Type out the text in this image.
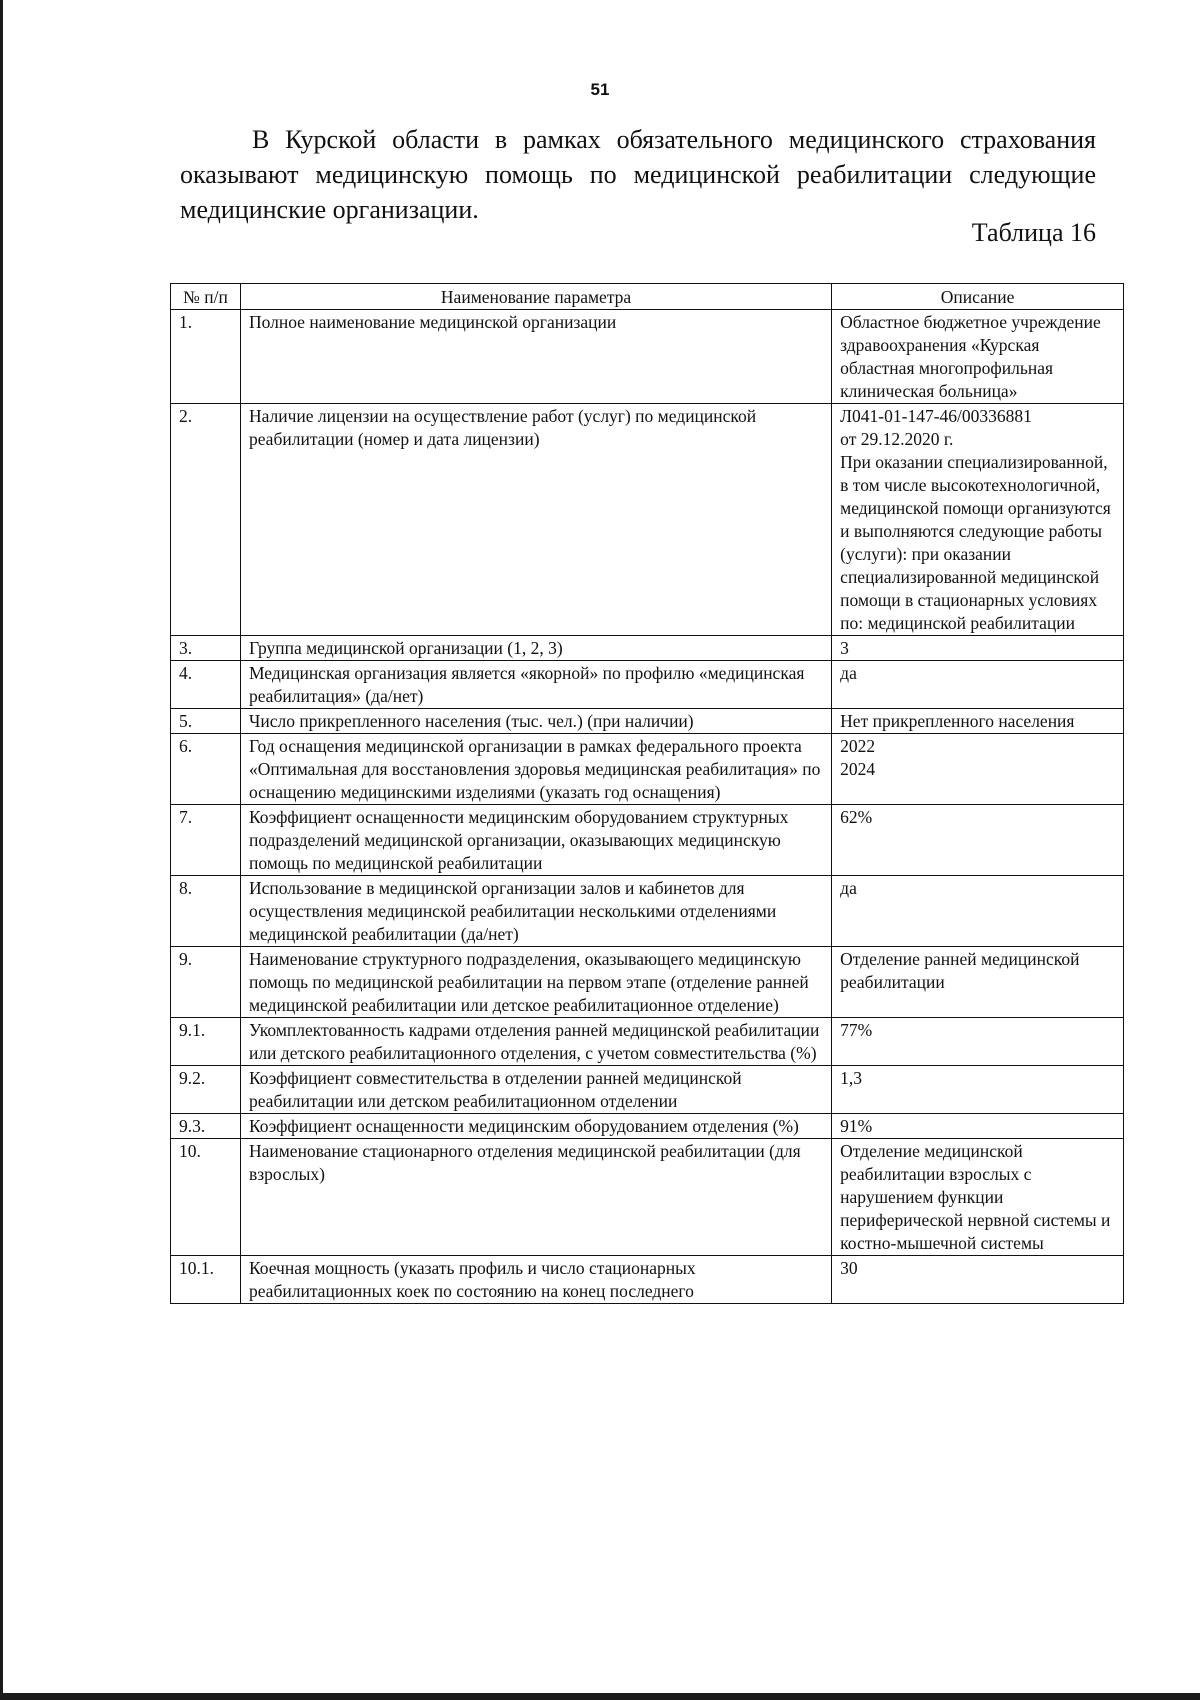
51

В Курской области в рамках обязательного медицинского страхования оказывают медицинскую помощь по медицинской реабилитации следующие медицинские организации.

Таблица 16
№ п/п	Наименование параметра	Описание
1.	Полное наименование медицинской организации	Областное бюджетное учреждение здравоохранения «Курская областная многопрофильная клиническая больница»
2.	Наличие лицензии на осуществление работ (услуг) по медицинской реабилитации (номер и дата лицензии)	Л041-01-147-46/00336881
от 29.12.2020 г.
При оказании специализированной, в том числе высокотехнологичной, медицинской помощи организуются и выполняются следующие работы (услуги): при оказании специализированной медицинской помощи в стационарных условиях по: медицинской реабилитации

3.	Группа медицинской организации (1, 2, 3)	3
4.	Медицинская организация является «якорной» по профилю «медицинская реабилитация» (да/нет)	да
5.	Число прикрепленного населения (тыс. чел.) (при наличии)	Нет прикрепленного населения
6.	Год оснащения медицинской организации в рамках федерального проекта «Оптимальная для восстановления здоровья медицинская реабилитация» по оснащению медицинскими изделиями (указать год оснащения)	2022
2024

7.	Коэффициент оснащенности медицинским оборудованием структурных подразделений медицинской организации, оказывающих медицинскую помощь по медицинской реабилитации	62%
8.	Использование в медицинской организации залов и кабинетов для осуществления медицинской реабилитации несколькими отделениями медицинской реабилитации (да/нет)	да
9.	Наименование структурного подразделения, оказывающего медицинскую помощь по медицинской реабилитации на первом этапе (отделение ранней медицинской реабилитации или детское реабилитационное отделение)	Отделение ранней медицинской реабилитации
9.1.	Укомплектованность кадрами отделения ранней медицинской реабилитации или детского реабилитационного отделения, с учетом совместительства (%)	77%
9.2.	Коэффициент совместительства в отделении ранней медицинской реабилитации или детском реабилитационном отделении	1,3
9.3.	Коэффициент оснащенности медицинским оборудованием отделения (%)	91%
10.	Наименование стационарного отделения медицинской реабилитации (для взрослых)	Отделение медицинской реабилитации взрослых с нарушением функции периферической нервной системы и костно-мышечной системы
10.1.	Коечная мощность (указать профиль и число стационарных реабилитационных коек по состоянию на конец последнего	30
